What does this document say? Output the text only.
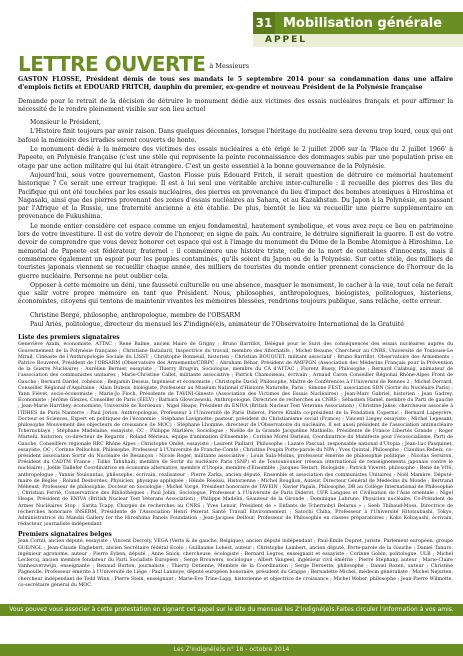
31 Mobilisation générale
APPEL
LETTRE OUVERTE $^{à Messieurs}$

GASTON FLOSSE, Président démis de tous ses mandats le 5 septembre 2014 pour sa condamnation dans une affaire d'emplois fictifs et EDOUARD FRITCH, dauphin du premier, ex-gendre et nouveau Président de la Polynésie française

Demande pour le retrait de la décision de détruire le monument dédié aux victimes des essais nucléaires français et pour affirmer la nécessité de le rendre pleinement visible sur son lieu actuel

Monsieur le Président,

L'Histoire finit toujours par avoir raison. Dans quelques décennies, lorsque l'héritage du nucléaire sera devenu trop lourd, ceux qui ont bafoué la mémoire des irradiés seront couverts de honte.

Le monument dédié à la mémoire des victimes des essais nucléaires a été érigé le 2 juillet 2006 sur la 'Place du 2 juillet 1966' à Papeete, en Polynésie française (c'est une stèle qui représente la pointe reconnaissance des dommages subis par une population prise en otage par une action militaire qui lui était étrangère. C'est un geste essentiel à la bonne gouvernance de la Polynésie.

Aujourd'hui, sous votre gouvernement, Gaston Flosse puis Edouard Fritch, il serait question de détruire ce mémorial hautement historique ? Ce serait une erreur tragique. Il est à lui seul une véritable archive inter-culturelle : il recueille des pierres des îles du Pacifique qui ont été touchées par les essais nucléaires, des pierres en provenance du lieu d'impact des bombes atomiques à Hiroshima et Nagasaki, ainsi que des pierres provenant des zones d'essais nucléaires au Sahara, et au Kazakhstan. Du Japon à la Polynésie, en passant par l'Afrique et la Russie, une fraternité ancienne a été établie. De plus, bientôt le lieu va recueillir une pierre supplémentaire en provenance de Fukushima.

Le monde entier considère cet espace comme un enjeu fondamental, hautement symbolique, et vous avez reçu ce lieu en patrimoine lors de votre investiture. Il est de votre devoir de l'honorer, en signe de paix. Au contraire, le détruire signifierait la guerre. Il est de votre devoir de comprendre que vous devez honorer cet espace qui est à l'image du monument du Dôme de la Bombe Atomique à Hiroshima. Le mémorial de Papeete est fédérateur, fraternel : il commémore une histoire triste, celle de la mort de centaines d'innocents, mais il commémore également un espoir pour les peuples contaminés, qu'ils soient du Japon ou de la Polynésie. Sur cette stèle, des milliers de touristes japonais viennent se recueillir chaque année, des milliers de touristes du monde entier prennent conscience de l'horreur de la guerre nucléaire. Personne ne peut oublier cela.

Opposer à cette mémoire un déni, une fausseté culturelle ou une absence, masquer le monument, le cacher à la vue, tout cela ne ferait que salir votre propre mémoire en tant que Président. Nous, philosophes, anthropologues, biologistes, politologues, historiens, économistes, citoyens qui tentons de maintenir vivantes les mémoires blessées, rendrions toujours publique, sans relâche, cette erreur.

Christine Bergé, philosophe, anthropologue, membre de l'OBSARM

Paul Ariès, politologue, directeur du mensuel les Z'indigné(e)s, animateur de l'Observatoire International de la Gratuité

Liste des premiers signataires

Geneviève Azam, économiste, ATTAC ; René Balme, ancien Maire de Grigny ; Bruno Barrillot, Délégué pour le Suivi des conséquences des essais nucléaires auprès du Gouvernement de la Polynésie française ; Christiane Batailard, Inspectrice du travail, membre des Alternatifs ; Michel Beaune, Chercheur au CNRS, Université de Toulouse-Le Mirail, Cinéaste de l'Anthropologie Sociale du LISST ; Christophe Bonneuil, historien ; Christian BOUQUET, militant associatif ; Bruno Barrillot, Observatoire des Armements ; Patrice Bouveret, Président de l'OBSARM (Observatoire des Armements/CDRPC ; Abraham Béhar, Président de AMFPGN (Association des Médecins Français pour la Prévention de la Guerre Nucléaire) ; Aurélien Bernier, essayiste ; Thierry Brugvin, Sociologue, membre du CA d'ATTAC ; Florent Bussy, Philosophe ; Bernard Calabuig, animateur de l'association des communistes unitaires ; Marie-Christine Callet, militante associative ; Patrick Chamoiseau, écrivain ; Arnaud Caron Conseiller Régional Rhône-Alpes Front de Gauche ; Bernard Dardel, cohésion ; Benjamin Dessus, Ingénieur et économiste ; Christophe David, Philosophe, Maître de Conférences à l'Université de Rennes 2 ; Michel Derrard, Conseiller Régional d'Aquitaine ; Alain Dubois, biologiste, Professeur au Muséum National d'Histoire Naturelle, Paris ; Simone FEST, association SDN (Sortir du Nucléaire Paris) ; Yann Fiévet, socio-économiste ; Marie-Jo Floch, Présidente de TAVINI-Ginesto (Association des Victimes des Essais Nucléaires) ; Jean-Marc Gabriel, historien ; Jean Gadrey, Economiste ; Jérôme Gleizes, Conseiller de Paris (EELV) ; Barbara Glowczewski, Anthropologue, Directrice de recherches au CNRS ; Sébastien Hamel, membre du Parti de gauche ; Jean-Marie Harribey, économiste, Université de Bordeaux ; Nigel Heaps, Président du ENIVA (British Nuclear Test Veterans Association) ; Christine Jakse, chercheuse associée à l'IDHES de Paris Nanterre ; Paul Jorion, Anthropologue, Professeur à l'Université de Paris Diderot, Pierre Khalfa co-président de la Fondation Copernic ; Bernard Lapeyrère, Docteur es Sciences, Expert en politiques de l'économie ; Stéphane Lavignotte, pasteur, président du Christianisme social (France) ; Vincent Liegey essayiste ; Michel Lepesant, philosophe Mouvement des objecteurs de croissance (le MOC) ; Stéphane Lhomme, directeur de l'Observatoire du nucléaire. Il est aussi président de l'association antinucléaire Tchernoblaye ; Stéphane Madelaine, essayiste, CC ; Philippe Marlière, Sociologue ; Noëlle de la Grande Jacqueline Mathiello, Présidente de France Libertés Grande ; Roger Martelli, historien, co-directeur de Regards ; Roland Mérieux, équipe d'animation d'Ensemble ; Corinne Morel Darleux, Coordinatrice du Manifeste pour l'écosocialisme, Parti de Gauche, Conseillère régionale RRC Rhône Alpes ; Christophe Ondet, essayiste ; Laurent Paillard, Philosophe ; Lazare Pascual, responsable national d'Utopia ; Jean-Luc Pasquinet, essayiste, OC ; Corinne Pelluchon, Philosophe, Professeur à l'Université de Franche-Comté ; Christine Poupin Porte-parole du NPA ; Yves Quintal, Philosophe ; Claudius Rebeix, co-président association Sortir du Nucléaire de Besançon ; Nicole Roger, militante associative ; Louis Sala-Molins, professeur émérite de philosophie politique ; Nicolas Sersiron, Président du CADTM France ; Tilikó Tahuhaiti, membre de Sortir du nucléaire Paris (SNP) et de Toutounounier (réseau international de renseignements japonais contre le nucléaire) ; Joëlle Taillefer Coordinatrice en économie alternative, membre d'Utopia, membre d'Ensemble ; Jacques Testart, Biologiste ; Patrick Viveret, philosophe ; René de VOS, anthropologue ; Yannis Youlountas, philosophe, écrivain, réalisateur ; Pierre Zarka, ancien député, Ensemble et association des communistes Unitaires ; Noël Mamère, Député-maire de Bègles ; Roland Desbordes, Physicien, physique appliquée ; Hénde Réséau, Historienne ; Michel Bouglion, Auteur, Directeur Général de Médecins du Monde ; Bertrand Méheust, Professeur de philosophie, Docteur en Sociologie ; Michel Vorgé, Président honoraire de TAVEIN ; Xavier Papaïs, Philosophe, DR au Collège International de Philosophie ; Christian Ferrié, Conservatrice des Bibliothèques ; Paul Jobin, Sociologue, Professeur à l'Université de Paris Diderot, UFR Langues et Civilisation de l'Asie orientale ; Nigel Heaps, Président de ENIVA (British Nuclear Test Veterans Association) ; Philippe Madelin, Séauteur de la Gironde ; Dominique Labrune, Physicien nucléaire, Co-Président de Armes Nucléaires Stop ; Sarita Tcapy, Chargée de recherches au CNRS ; Yves Lenoir, Président de « Enfants de Tchernobyl Belarus » ; Seeb Thibaud-Moss, Directrice de recherches honoraire INSERM, Présidente de l'Association Henri Pézerat Santé Travail Environnement ; Satochi Chiba, Professeur à l'Université Hitotsubashi, Tokyo, Administratrice du Mandai Gallery for the Hiroshima Panels Foundation ; Jean-Jacques Delfour, Professeur de Philosophie en classes préparatoires ; Koko Kobayashi, écrivain, rédacteur, journaliste indépendant

Premiers signataires belges

Jean Cornil, ancien député, essayiste ; Vincent Decroly, VEGA (Verts & de gauche, Belgique), ancien député indépendant ; Paul-Emile Dupret, juriste, Parlement européen, groupe GUE/NGL ; Jean-Claude Englebert, ancien Secrétaire fédéral Ecolo ; Guillaume Lohest, auteur ; Christophe Lambert, ancien député, Porte-parole de la Gauche ; Daniel Tanuro, ingénieur agronome, auteur ; Pierre Eyben, député ; Anne Snick, chercheuse, écologiste ; Bernard Legros, enseignant et essayiste ; Corinne Gobin, politologue, ULB ; Michel Leclercq, ancien membre fondateur du Parti Socialiste Européen ; Serge Brouwers, sociologue ; Albert Vangeel, ingénieur civil émérite ; Pierre Stéphany, auteur ; Marie-Claire Vanheuverzwijn, enseignante ; Renaud Burton, journaliste ; Thierry Detienne, Membre de la Coordination ; Serge Deruette, philosophe ; Daniel Rozen, auteur ; Christine Pagnoulle, Professeur émérite à l'Université de Liège ; Paul Lannoye, député européen honoraire, président du Grappe ; Bernadette Michel, médecin généraliste ; Michel Nejszten, chercheur indépendant de Todd Winn ; Pierre Stein, enseignant ; Marie-Eve Trine-Lapp, historienne et objectrice de croissance ; Michel Weber, philosophe ; Jean-Pierre Wilmotte, co-secrétaire général du MOC.

Vous pouvez vous associer à cette protestation en signant cet appel sur le site du mensuel les Z'indigné(e)s.Faites circuler l'information à vos amis.
Les Z'indigné(e)s n° 18 - octobre 2014
